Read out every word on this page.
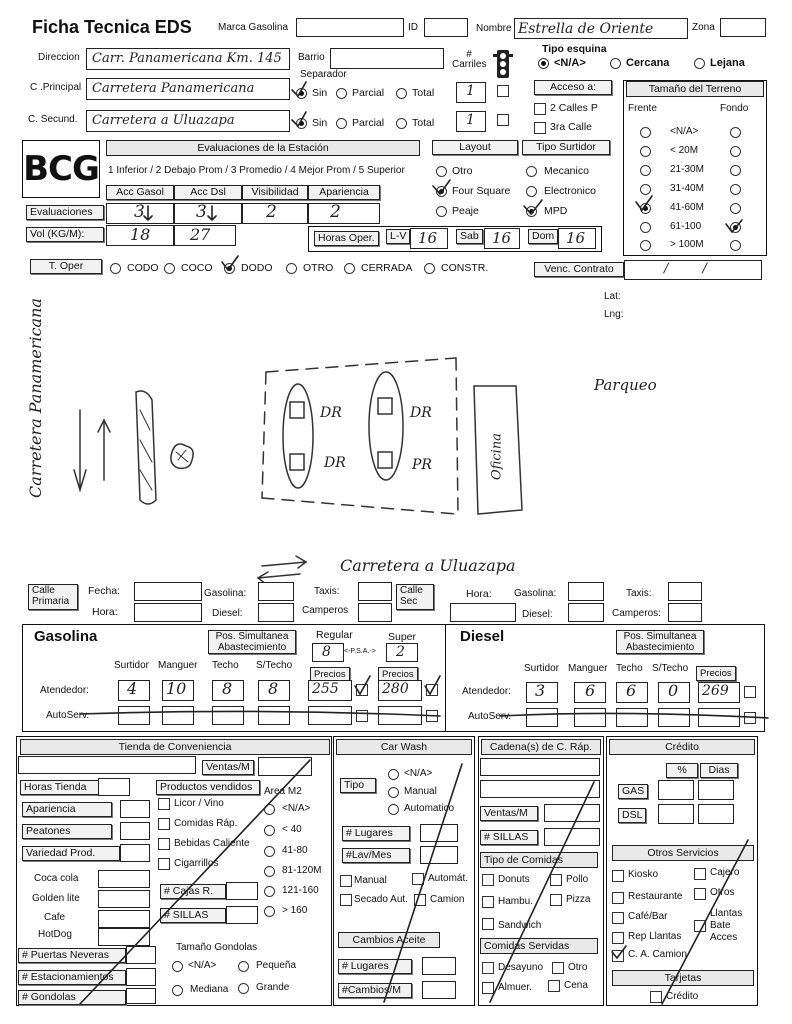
Ficha Tecnica EDS	Marca Gasolina	ID	Nombre Estrella de Oriente	Zona
Direccion Carr. Panamericana Km. 145 Barrio	# Carriles
Tipo esquina
<N/A>	Cercana	Lejana
Separador
C .Principal Carretera Panamericana	Sin Parcial	Total 1	Acceso a:
2 Calles P
3ra Calle
C. Secund. Carretera a Uluazapa	Sin Parcial	Total 1
Tamaño del Terreno
Frente	Fondo
<N/A>
< 20M
21-30M
31-40M
41-60M
61-100
> 100M
BCG
Evaluaciones de la Estación
1 Inferior / 2 Debajo Prom / 3 Promedio / 4 Mejor Prom / 5 Superior
Acc Gasol	Acc Dsl	Visibilidad	Apariencia
Evaluaciones	3	3	2	2
Vol (KG/M):	18 27
Layout
Otro
Four Square
Peaje
Tipo Surtidor
Mecanico
Electronico
MPD
Horas Oper.	L-V 16	Sab 16	Dom 16
T. Oper	CODO COCO	DODO	OTRO	CERRADA	CONSTR.	Venc. Contrato	/ /
Lat:
Lng:
Carretera Panamericana
Carretera a Uluazapa
Parqueo
Oficina
DR
DR
DR
PR
Calle Primaria
Fecha:
Hora:
Gasolina:
Diesel:
Taxis:
Camperos
Calle Sec
Hora: Gasolina:
Diesel:
Taxis:
Camperos:
Gasolina	Pos. Simultanea Abastecimiento
Regular	Super
8 <-P.S.A.-> 2
Surtidor Manguer Techo S/Techo
Precios	Precios
Atendedor: 4 10 8 8 255	280
AutoServ.
Diesel	Pos. Simultanea Abastecimiento
Surtidor Manguer Techo S/Techo	Precios
Atendedor: 3 6 6 0 269
AutoServ.
Tienda de Conveniencia
Ventas/M
Horas Tienda	Productos vendidos	Area M2
Apariencia
Peatones
Variedad Prod.
Licor / Vino
Comidas Ráp.
Bebidas Caliente
Cigarrillos
<N/A>
< 40
41-80
81-120M
121-160
> 160
Coca cola
Golden lite
Cafe
HotDog
# Cajas R.
# SILLAS
# Puertas Neveras
# Estacionamientos
# Gondolas
Tamaño Gondolas
<N/A>	Pequeña
Mediana	Grande
Car Wash
Tipo
<N/A>
Manual
Automatico
# Lugares
#Lav/Mes
Manual	Automát.
Secado Aut. Camion
Cambios Aceite
# Lugares
#Cambios/M
Cadena(s) de C. Ráp.
Ventas/M
# SILLAS
Tipo de Comidas
Donuts	Pollo
Hambu.	Pizza
Sandwich
Comidas Servidas
Desayuno Otro
Almuer.	Cena
Crédito
%	Dias
GAS
DSL
Otros Servicios
Kiosko	Cajero
Restaurante	Otros
Café/Bar	Llantas Bate Acces
Rep Llantas
C. A. Camion
Tarjetas
Crédito
